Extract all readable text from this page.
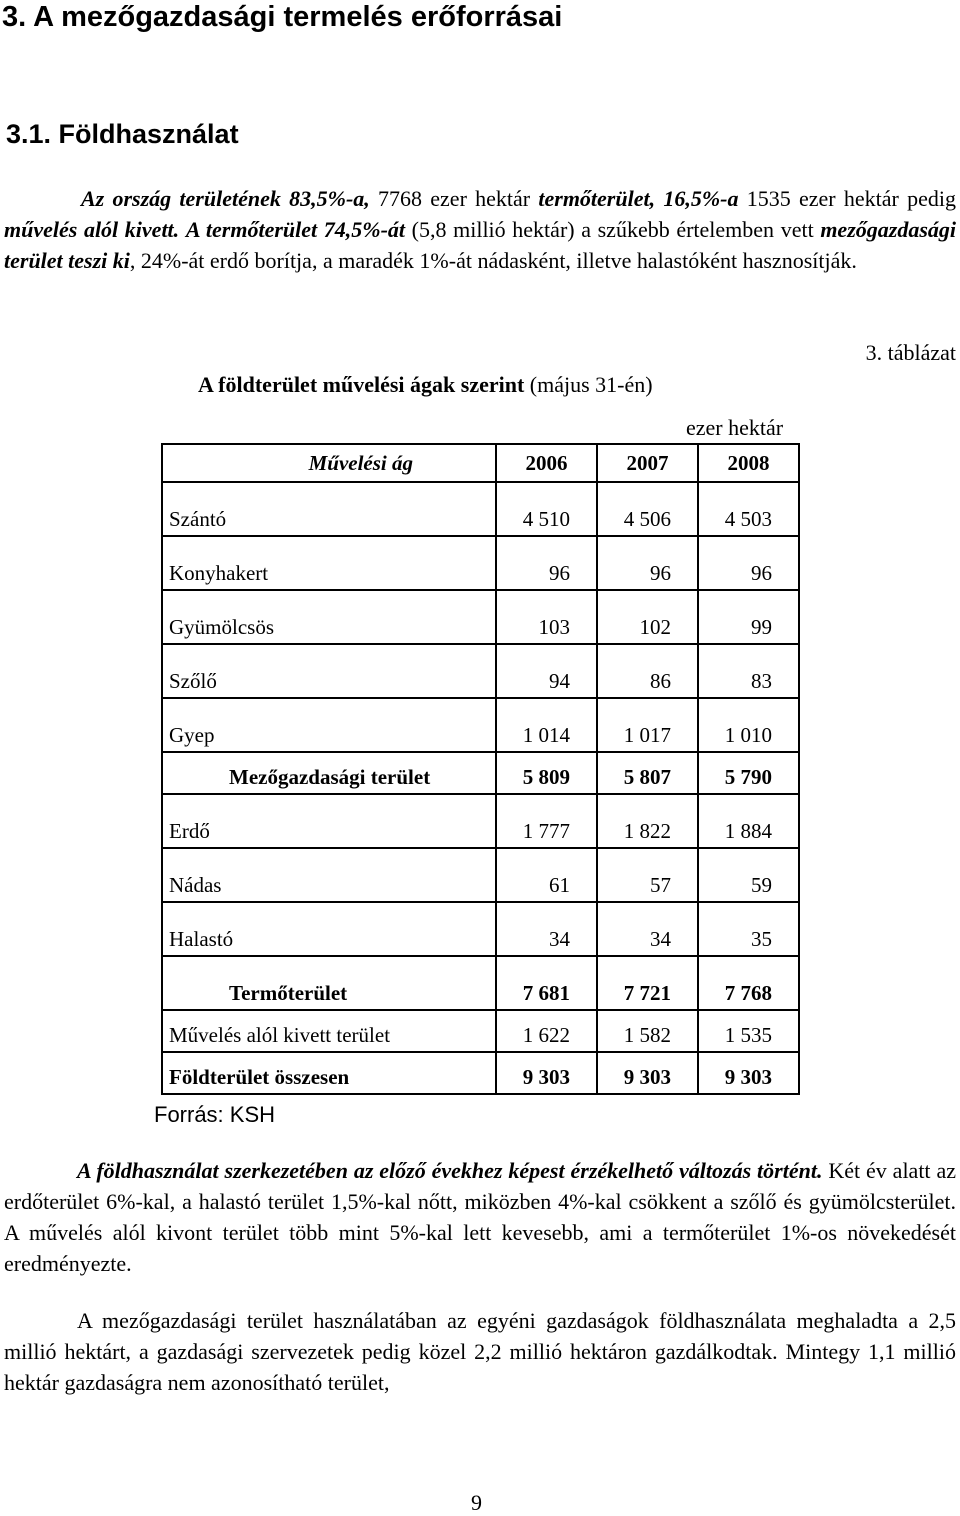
3. A mezőgazdasági termelés erőforrásai
3.1. Földhasználat

Az ország területének 83,5%-a, 7768 ezer hektár termőterület, 16,5%-a 1535 ezer hektár pedig művelés alól kivett. A termőterület 74,5%-át (5,8 millió hektár) a szűkebb értelemben vett mezőgazdasági terület teszi ki, 24%-át erdő borítja, a maradék 1%-át nádasként, illetve halastóként hasznosítják.

3. táblázat
A földterület művelési ágak szerint (május 31-én)
ezer hektár
Művelési ág	2006	2007	2008
Szántó	4 510	4 506	4 503
Konyhakert	96	96	96
Gyümölcsös	103	102	99
Szőlő	94	86	83
Gyep	1 014	1 017	1 010
Mezőgazdasági terület	5 809	5 807	5 790
Erdő	1 777	1 822	1 884
Nádas	61	57	59
Halastó	34	34	35
Termőterület	7 681	7 721	7 768
Művelés alól kivett terület	1 622	1 582	1 535
Földterület összesen	9 303	9 303	9 303
Forrás: KSH

A földhasználat szerkezetében az előző évekhez képest érzékelhető változás történt. Két év alatt az erdőterület 6%-kal, a halastó terület 1,5%-kal nőtt, miközben 4%-kal csökkent a szőlő és gyümölcsterület. A művelés alól kivont terület több mint 5%-kal lett kevesebb, ami a termőterület 1%-os növekedését eredményezte.

A mezőgazdasági terület használatában az egyéni gazdaságok földhasználata meghaladta a 2,5 millió hektárt, a gazdasági szervezetek pedig közel 2,2 millió hektáron gazdálkodtak. Mintegy 1,1 millió hektár gazdaságra nem azonosítható terület,

9
